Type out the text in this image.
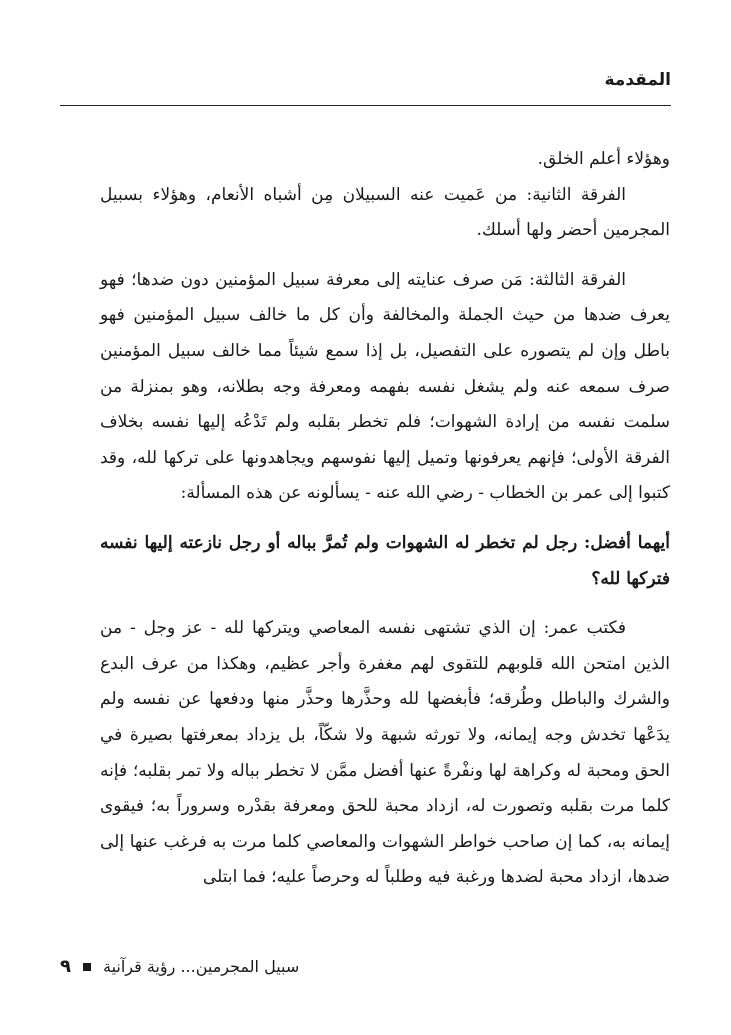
المقدمة

وهؤلاء أعلم الخلق.

الفرقة الثانية: من عَميت عنه السبيلان مِن أشباه الأنعام، وهؤلاء بسبيل المجرمين أحضر ولها أسلك.

الفرقة الثالثة: مَن صرف عنايته إلى معرفة سبيل المؤمنين دون ضدها؛ فهو يعرف ضدها من حيث الجملة والمخالفة وأن كل ما خالف سبيل المؤمنين فهو باطل وإن لم يتصوره على التفصيل، بل إذا سمع شيئاً مما خالف سبيل المؤمنين صرف سمعه عنه ولم يشغل نفسه بفهمه ومعرفة وجه بطلانه، وهو بمنزلة من سلمت نفسه من إرادة الشهوات؛ فلم تخطر بقلبه ولم تَدْعُه إليها نفسه بخلاف الفرقة الأولى؛ فإنهم يعرفونها وتميل إليها نفوسهم ويجاهدونها على تركها لله، وقد كتبوا إلى عمر بن الخطاب - رضي الله عنه - يسألونه عن هذه المسألة:

أيهما أفضل: رجل لم تخطر له الشهوات ولم تُمرَّ بباله أو رجل نازعته إليها نفسه فتركها لله؟

فكتب عمر: إن الذي تشتهى نفسه المعاصي ويتركها لله - عز وجل - من الذين امتحن الله قلوبهم للتقوى لهم مغفرة وأجر عظيم، وهكذا من عرف البدع والشرك والباطل وطُرقه؛ فأبغضها لله وحذَّرها وحذَّر منها ودفعها عن نفسه ولم يدَعْها تخدش وجه إيمانه، ولا تورثه شبهة ولا شكّاً، بل يزداد بمعرفتها بصيرة في الحق ومحبة له وكراهة لها ونفْرةً عنها أفضل ممَّن لا تخطر بباله ولا تمر بقلبه؛ فإنه كلما مرت بقلبه وتصورت له، ازداد محبة للحق ومعرفة بقدْره وسروراً به؛ فيقوى إيمانه به، كما إن صاحب خواطر الشهوات والمعاصي كلما مرت به فرغب عنها إلى ضدها، ازداد محبة لضدها ورغبة فيه وطلباً له وحرصاً عليه؛ فما ابتلى

سبيل المجرمين... رؤية قرآنية
٩
